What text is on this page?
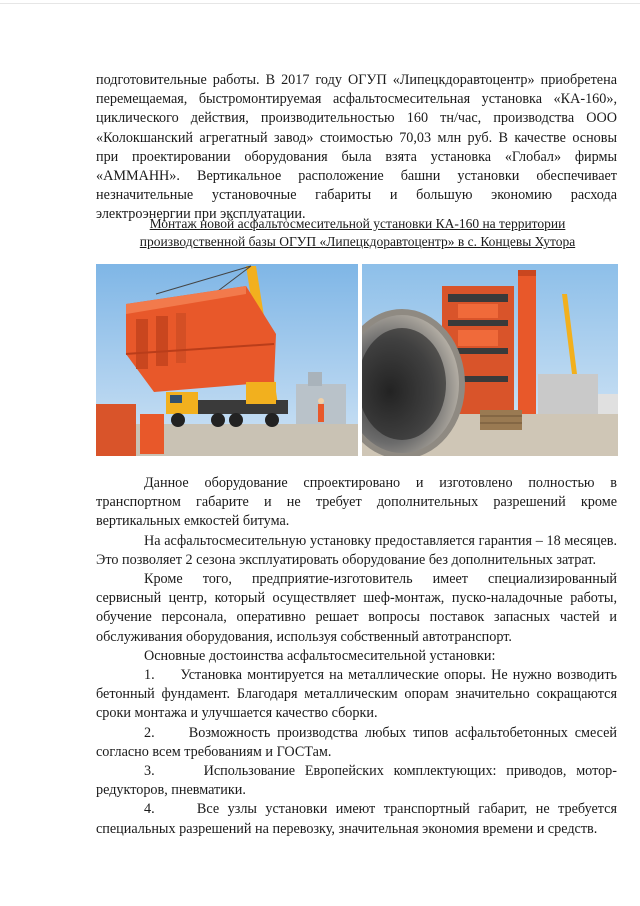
подготовительные работы. В 2017 году ОГУП «Липецкдоравтоцентр» приобретена перемещаемая, быстромонтируемая асфальтосмесительная установка «КА-160», циклического действия, производительностью 160 тн/час, производства ООО «Колокшанский агрегатный завод» стоимостью 70,03 млн руб. В качестве основы при проектировании оборудования была взята установка «Глобал» фирмы «АММАНН». Вертикальное расположение башни установки обеспечивает незначительные установочные габариты и большую экономию расхода электроэнергии при эксплуатации.
Монтаж новой асфальтосмесительной установки КА-160 на территории
производственной базы ОГУП «Липецкдоравтоцентр» в с. Концевы Хутора

Данное оборудование спроектировано и изготовлено полностью в транспортном габарите и не требует дополнительных разрешений кроме вертикальных емкостей битума.

На асфальтосмесительную установку предоставляется гарантия – 18 месяцев. Это позволяет 2 сезона эксплуатировать оборудование без дополнительных затрат.

Кроме того, предприятие-изготовитель имеет специализированный сервисный центр, который осуществляет шеф-монтаж, пуско-наладочные работы, обучение персонала, оперативно решает вопросы поставок запасных частей и обслуживания оборудования, используя собственный автотранспорт.

Основные достоинства асфальтосмесительной установки:

1.     Установка монтируется на металлические опоры. Не нужно возводить бетонный фундамент. Благодаря металлическим опорам значительно сокращаются сроки монтажа и улучшается качество сборки.

2.     Возможность производства любых типов асфальтобетонных смесей согласно всем требованиям и ГОСТам.

3.     Использование Европейских комплектующих: приводов, мотор-редукторов, пневматики.

4.     Все узлы установки имеют транспортный габарит, не требуется специальных разрешений на перевозку, значительная экономия времени и средств.
